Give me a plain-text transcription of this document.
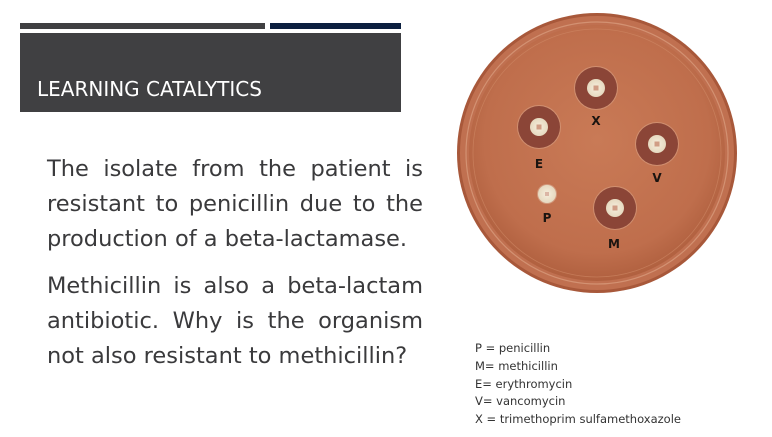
LEARNING CATALYTICS

The isolate from the patient is resistant to penicillin due to the production of a beta-lactamase.

Methicillin is also a beta-lactam antibiotic. Why is the organism not also resistant to methicillin?

X
E
V
P
M
P = penicillin
M= methicillin
E= erythromycin
V= vancomycin
X = trimethoprim sulfamethoxazole
